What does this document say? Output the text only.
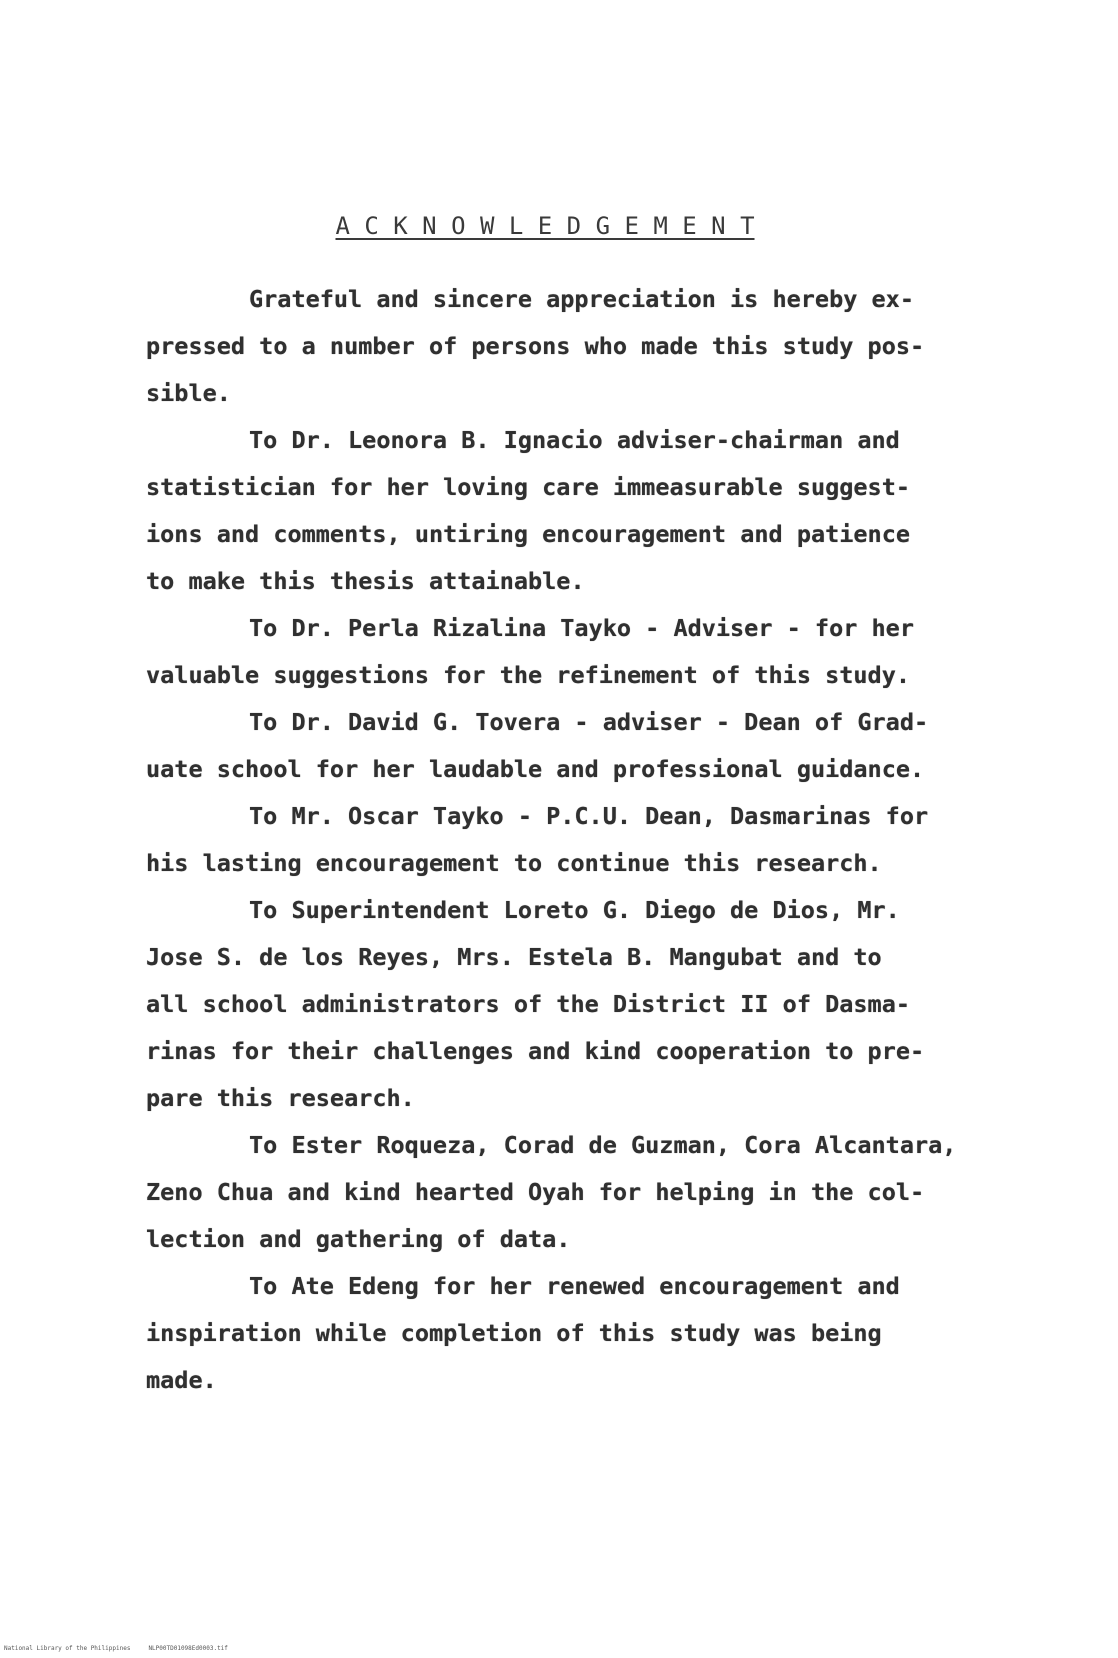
A C K N O W L E D G E M E N T
Grateful and sincere appreciation is hereby ex-
pressed to a number of persons who made this study pos-
sible.
To Dr. Leonora B. Ignacio adviser-chairman and
statistician for her loving care immeasurable suggest-
ions and comments, untiring encouragement and patience
to make this thesis attainable.
To Dr. Perla Rizalina Tayko - Adviser - for her
valuable suggestions for the refinement of this study.
To Dr. David G. Tovera - adviser - Dean of Grad-
uate school for her laudable and professional guidance.
To Mr. Oscar Tayko - P.C.U. Dean, Dasmarinas for
his lasting encouragement to continue this research.
To Superintendent Loreto G. Diego de Dios, Mr.
Jose S. de los Reyes, Mrs. Estela B. Mangubat and to
all school administrators of the District II of Dasma-
rinas for their challenges and kind cooperation to pre-
pare this research.
To Ester Roqueza, Corad de Guzman, Cora Alcantara,
Zeno Chua and kind hearted Oyah for helping in the col-
lection and gathering of data.
To Ate Edeng for her renewed encouragement and
inspiration while completion of this study was being
made.
National Library of the Philippines	NLP00TD01098Ed0003.tif
